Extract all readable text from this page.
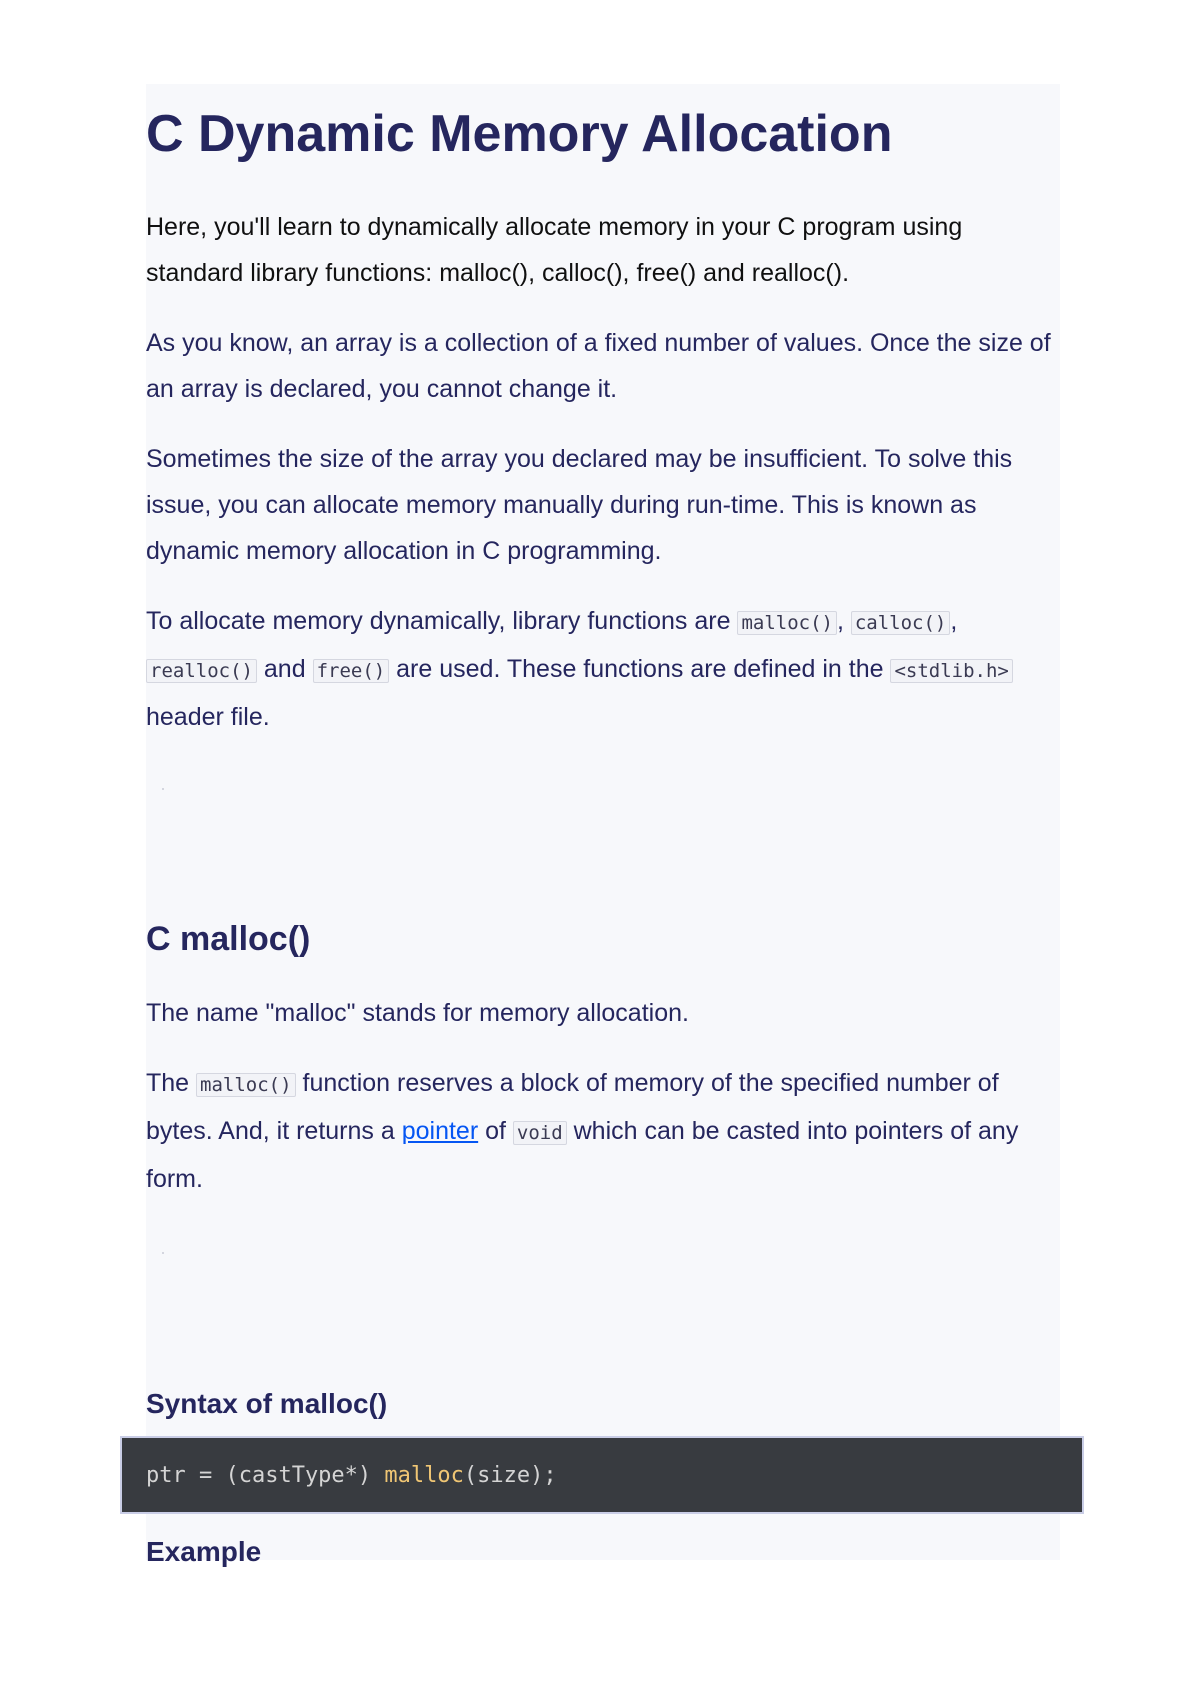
C Dynamic Memory Allocation

Here, you'll learn to dynamically allocate memory in your C program using standard library functions: malloc(), calloc(), free() and realloc().

As you know, an array is a collection of a fixed number of values. Once the size of an array is declared, you cannot change it.

Sometimes the size of the array you declared may be insufficient. To solve this issue, you can allocate memory manually during run-time. This is known as dynamic memory allocation in C programming.

To allocate memory dynamically, library functions are malloc() , calloc() , realloc() and free() are used. These functions are defined in the <stdlib.h> header file.

C malloc()

The name "malloc" stands for memory allocation.

The malloc() function reserves a block of memory of the specified number of bytes. And, it returns a pointer of void which can be casted into pointers of any form.

Syntax of malloc()
Example
ptr = (castType*) malloc(size);
